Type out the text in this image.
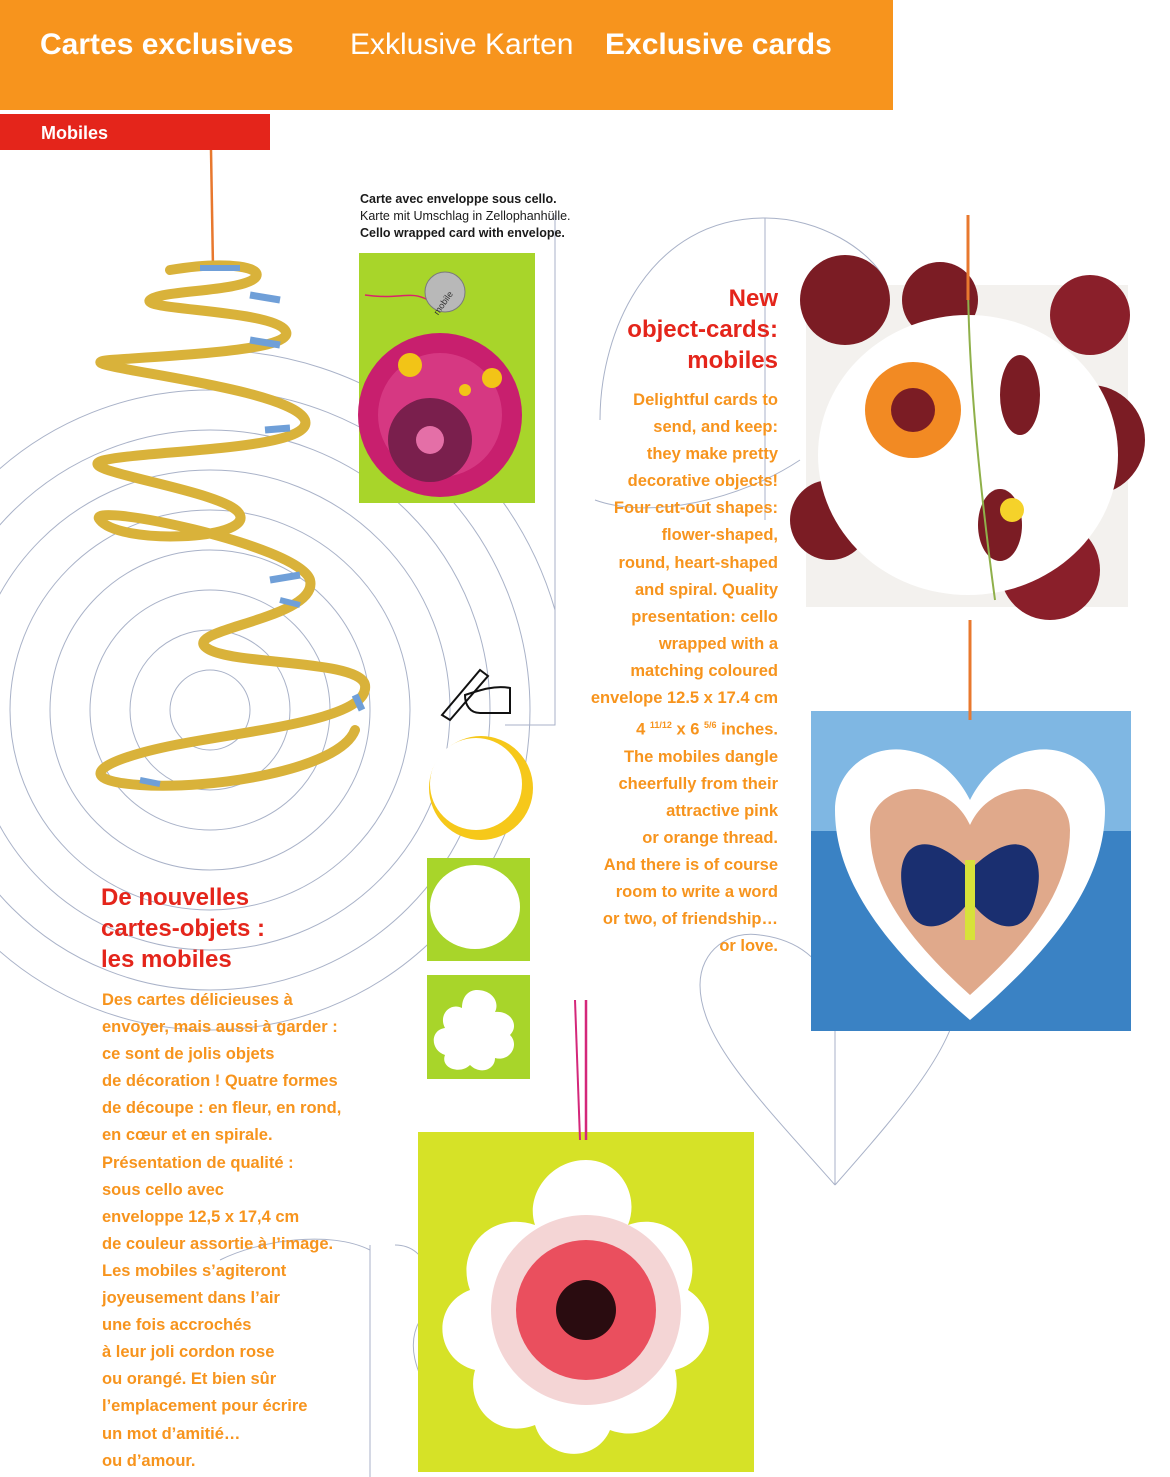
Cartes exclusives Exklusive Karten Exclusive cards
Mobiles
Carte avec enveloppe sous cello.
Karte mit Umschlag in Zellophanhülle.
Cello wrapped card with envelope.
mobile	New
object-cards:
mobiles
Delightful cards to
send, and keep:
they make pretty
decorative objects!
Four cut-out shapes:
flower-shaped,
round, heart-shaped
and spiral. Quality
presentation: cello
wrapped with a
matching coloured
envelope 12.5 x 17.4 cm
4 $^{11/12}$ x 6 $^{5/6}$ inches.
The mobiles dangle
cheerfully from their
attractive pink
or orange thread.
And there is of course
room to write a word
or two, of friendship…
or love.
De nouvelles
cartes-objets :
les mobiles
Des cartes délicieuses à
envoyer, mais aussi à garder :
ce sont de jolis objets
de décoration ! Quatre formes
de découpe : en fleur, en rond,
en cœur et en spirale.
Présentation de qualité :
sous cello avec
enveloppe 12,5 x 17,4 cm
de couleur assortie à l’image.
Les mobiles s’agiteront
joyeusement dans l’air
une fois accrochés
à leur joli cordon rose
ou orangé. Et bien sûr
l’emplacement pour écrire
un mot d’amitié…
ou d’amour.
